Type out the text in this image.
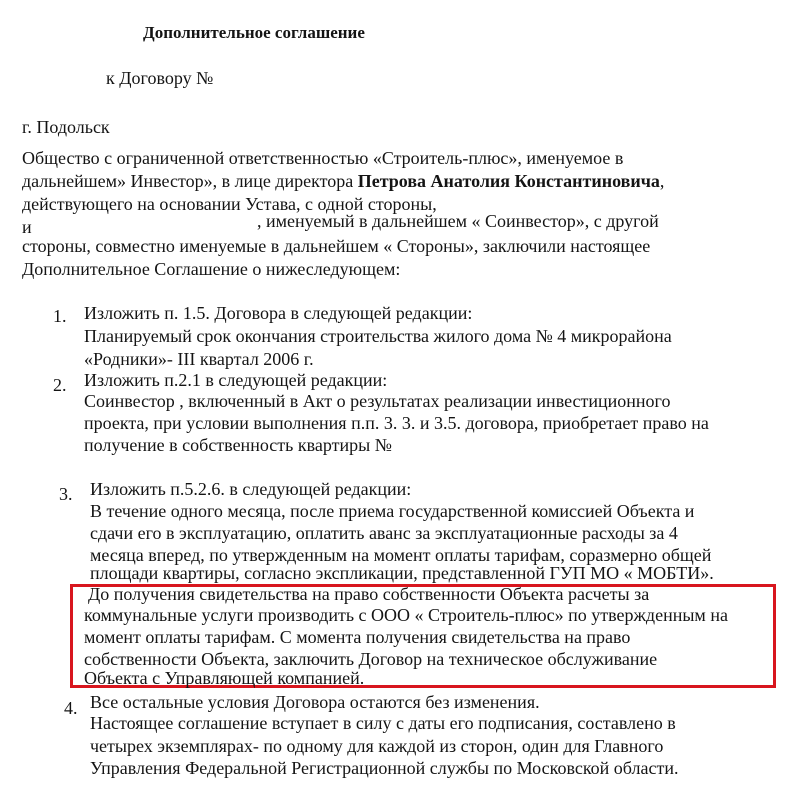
Дополнительное соглашение
к Договору №
г. Подольск
Общество с ограниченной ответственностью «Строитель-плюс», именуемое в
дальнейшем» Инвестор», в лице директора Петрова Анатолия Константиновича,
действующего на основании Устава, с одной стороны,
и	, именуемый в дальнейшем « Соинвестор», с другой
стороны, совместно именуемые в дальнейшем « Стороны», заключили настоящее
Дополнительное Соглашение о нижеследующем:
1. Изложить п. 1.5. Договора в следующей редакции:
Планируемый срок окончания строительства жилого дома № 4 микрорайона
«Родники»- III квартал 2006 г.
2. Изложить п.2.1 в следующей редакции:
Соинвестор , включенный в Акт о результатах реализации инвестиционного
проекта, при условии выполнения п.п. 3. 3. и 3.5. договора, приобретает право на
получение в собственность квартиры №
3. Изложить п.5.2.6. в следующей редакции:
В течение одного месяца, после приема государственной комиссией Объекта и
сдачи его в эксплуатацию, оплатить аванс за эксплуатационные расходы за 4
месяца вперед, по утвержденным на момент оплаты тарифам, соразмерно общей
площади квартиры, согласно экспликации, представленной ГУП МО « МОБТИ».
До получения свидетельства на право собственности Объекта расчеты за
коммунальные услуги производить с ООО « Строитель-плюс» по утвержденным на
момент оплаты тарифам. С момента получения свидетельства на право
собственности Объекта, заключить Договор на техническое обслуживание
Объекта с Управляющей компанией.
4. Все остальные условия Договора остаются без изменения.
Настоящее соглашение вступает в силу с даты его подписания, составлено в
четырех экземплярах- по одному для каждой из сторон, один для Главного
Управления Федеральной Регистрационной службы по Московской области.
